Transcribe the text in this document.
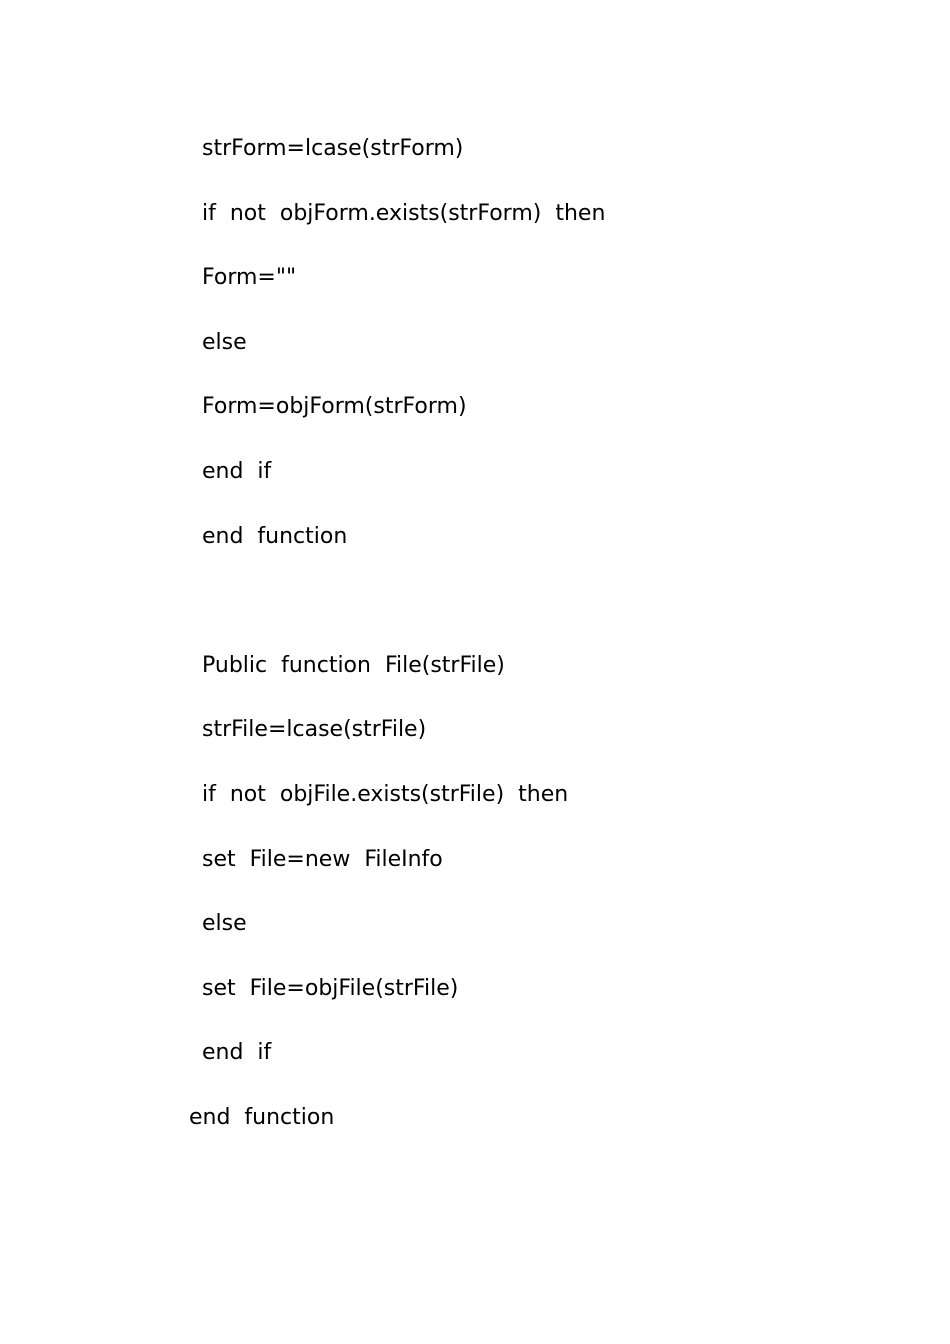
strForm=lcase(strForm)
if  not  objForm.exists(strForm)  then
Form=""
else
Form=objForm(strForm)
end  if
end  function
Public  function  File(strFile)
strFile=lcase(strFile)
if  not  objFile.exists(strFile)  then
set  File=new  FileInfo
else
set  File=objFile(strFile)
end  if
end  function
